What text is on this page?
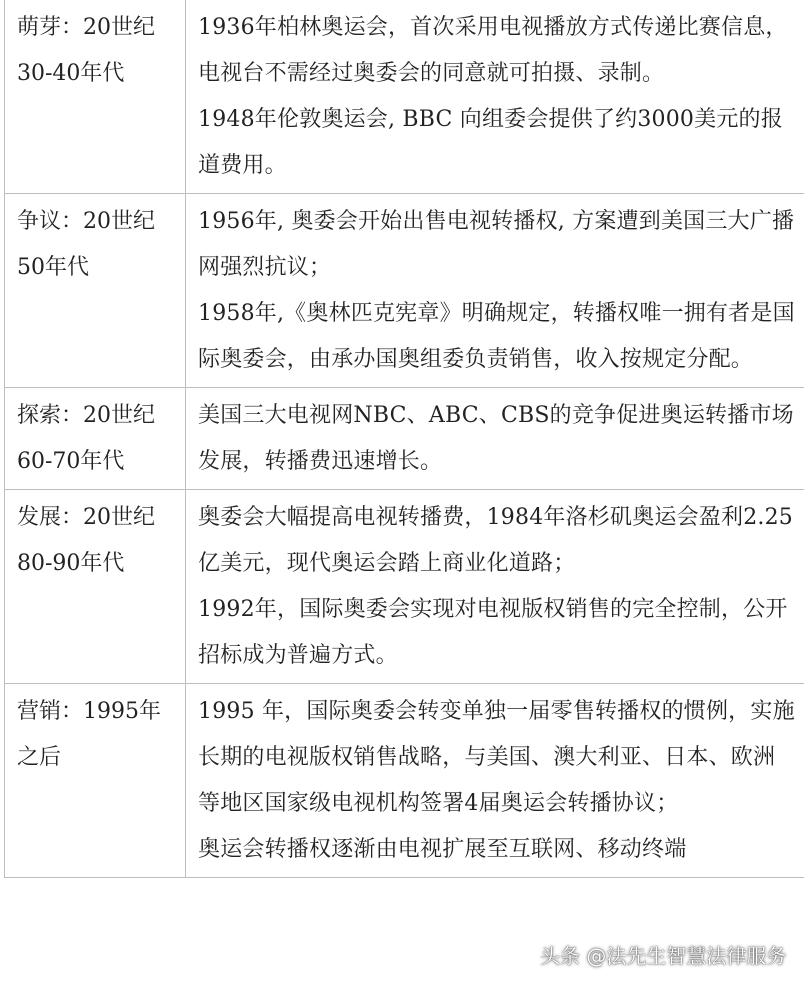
萌芽：20世纪30-40年代	1936年柏林奥运会，首次采用电视播放方式传递比赛信息，电视台不需经过奥委会的同意就可拍摄、录制。
1948年伦敦奥运会, BBC 向组委会提供了约3000美元的报道费用。

争议：20世纪50年代	1956年, 奥委会开始出售电视转播权, 方案遭到美国三大广播网强烈抗议；
1958年,《奥林匹克宪章》明确规定，转播权唯一拥有者是国际奥委会，由承办国奥组委负责销售，收入按规定分配。

探索：20世纪60-70年代	美国三大电视网NBC、ABC、CBS的竞争促进奥运转播市场发展，转播费迅速增长。

发展：20世纪80-90年代	奥委会大幅提高电视转播费，1984年洛杉矶奥运会盈利2.25亿美元，现代奥运会踏上商业化道路；
1992年，国际奥委会实现对电视版权销售的完全控制，公开招标成为普遍方式。

营销：1995年之后	1995 年，国际奥委会转变单独一届零售转播权的惯例，实施长期的电视版权销售战略，与美国、澳大利亚、日本、欧洲等地区国家级电视机构签署4届奥运会转播协议；
奥运会转播权逐渐由电视扩展至互联网、移动终端
头条 @法先生智慧法律服务
